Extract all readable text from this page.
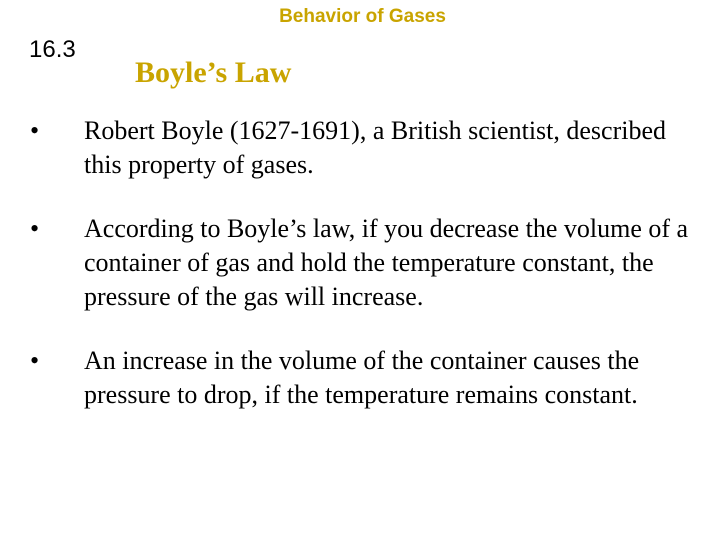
Behavior of Gases
16.3
Boyle’s Law
•	Robert Boyle (1627-1691), a British scientist, described this property of gases.
•	According to Boyle’s law, if you decrease the volume of a container of gas and hold the temperature constant, the pressure of the gas will increase.
•	An increase in the volume of the container causes the pressure to drop, if the temperature remains constant.
